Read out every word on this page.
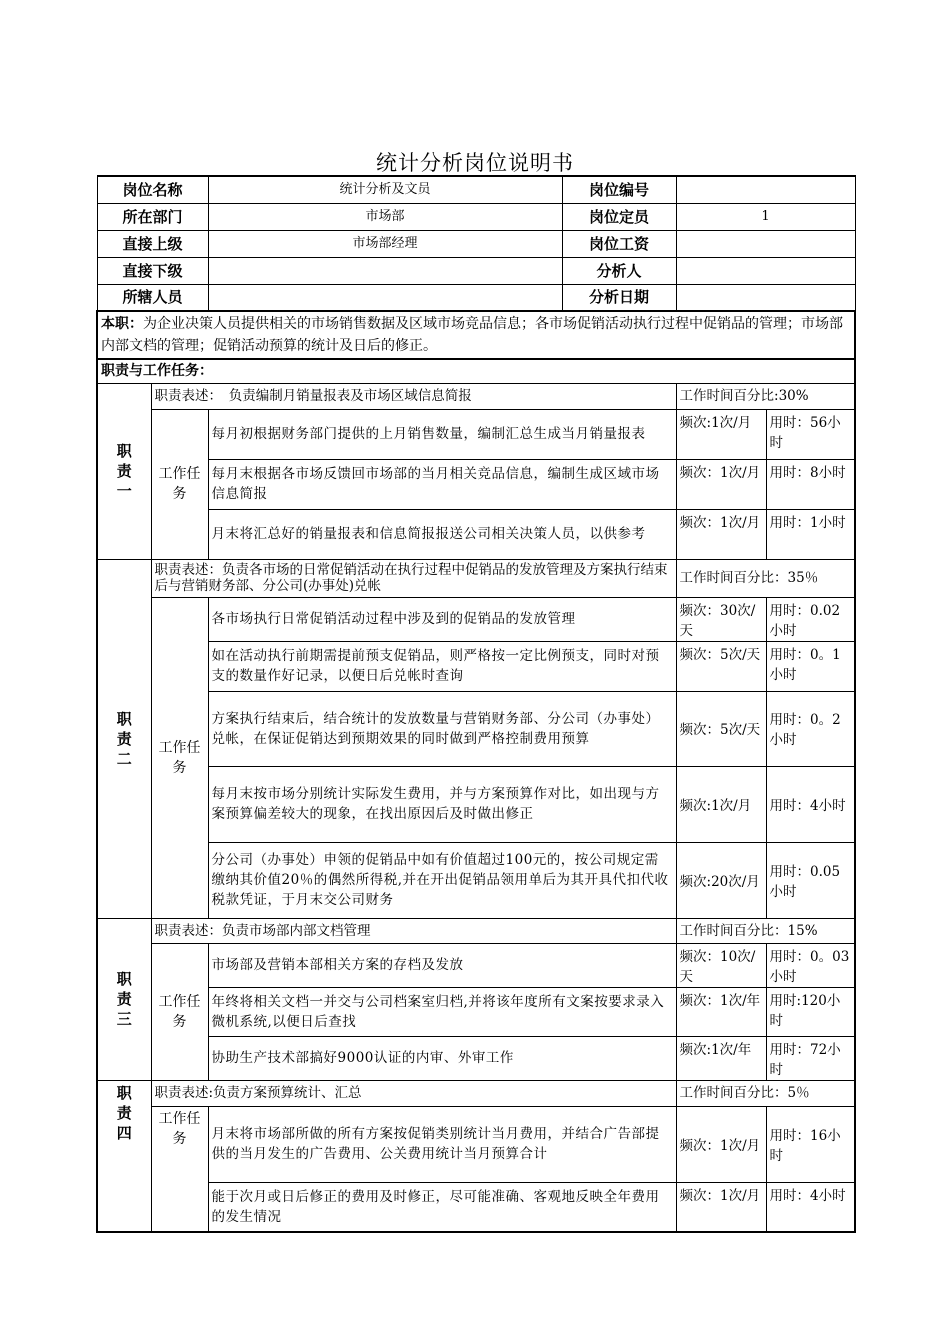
统计分析岗位说明书
岗位名称		统计分析及文员	岗位编号		
所在部门		市场部	岗位定员	1	
直接上级		市场部经理	岗位工资		
直接下级			分析人		
所辖人员			分析日期		
本职：为企业决策人员提供相关的市场销售数据及区域市场竞品信息；各市场促销活动执行过程中促销品的管理；市场部内部文档的管理；促销活动预算的统计及日后的修正。					
职责与工作任务：					

职
责
一	职责表述：　负责编制月销量报表及市场区域信息简报			工作时间百分比:30%	
	工作任务	每月初根据财务部门提供的上月销售数量，编制汇总生成当月销量报表		频次:1次/月	用时：56小时
		每月末根据各市场反馈回市场部的当月相关竞品信息，编制生成区域市场信息简报		频次：1次/月	用时：8小时
		月末将汇总好的销量报表和信息简报报送公司相关决策人员，以供参考		频次：1次/月	用时：1小时

职
责
二	职责表述：负责各市场的日常促销活动在执行过程中促销品的发放管理及方案执行结束后与营销财务部、分公司(办事处)兑帐			工作时间百分比：35％	
	工作任务	各市场执行日常促销活动过程中涉及到的促销品的发放管理		频次：30次/天	用时：0.02小时
		如在活动执行前期需提前预支促销品，则严格按一定比例预支，同时对预支的数量作好记录，以便日后兑帐时查询		频次：5次/天	用时：0。1小时
		方案执行结束后，结合统计的发放数量与营销财务部、分公司（办事处）兑帐，在保证促销达到预期效果的同时做到严格控制费用预算		频次：5次/天	用时：0。2小时
		每月末按市场分别统计实际发生费用，并与方案预算作对比，如出现与方案预算偏差较大的现象，在找出原因后及时做出修正		频次:1次/月	用时：4小时
		分公司（办事处）申领的促销品中如有价值超过100元的，按公司规定需缴纳其价值20％的偶然所得税,并在开出促销品领用单后为其开具代扣代收税款凭证，于月末交公司财务		频次:20次/月	用时：0.05小时

职
责
三	职责表述：负责市场部内部文档管理			工作时间百分比：15%	
	工作任务	市场部及营销本部相关方案的存档及发放		频次：10次/天	用时：0。03小时
		年终将相关文档一并交与公司档案室归档,并将该年度所有文案按要求录入微机系统,以便日后查找		频次：1次/年	用时:120小时
		协助生产技术部搞好9000认证的内审、外审工作		频次:1次/年	用时：72小时

职
责
四	职责表述:负责方案预算统计、汇总			工作时间百分比：5％	
	工作任务	月末将市场部所做的所有方案按促销类别统计当月费用，并结合广告部提供的当月发生的广告费用、公关费用统计当月预算合计		频次：1次/月	用时：16小时
		能于次月或日后修正的费用及时修正，尽可能准确、客观地反映全年费用的发生情况		频次：1次/月	用时：4小时
